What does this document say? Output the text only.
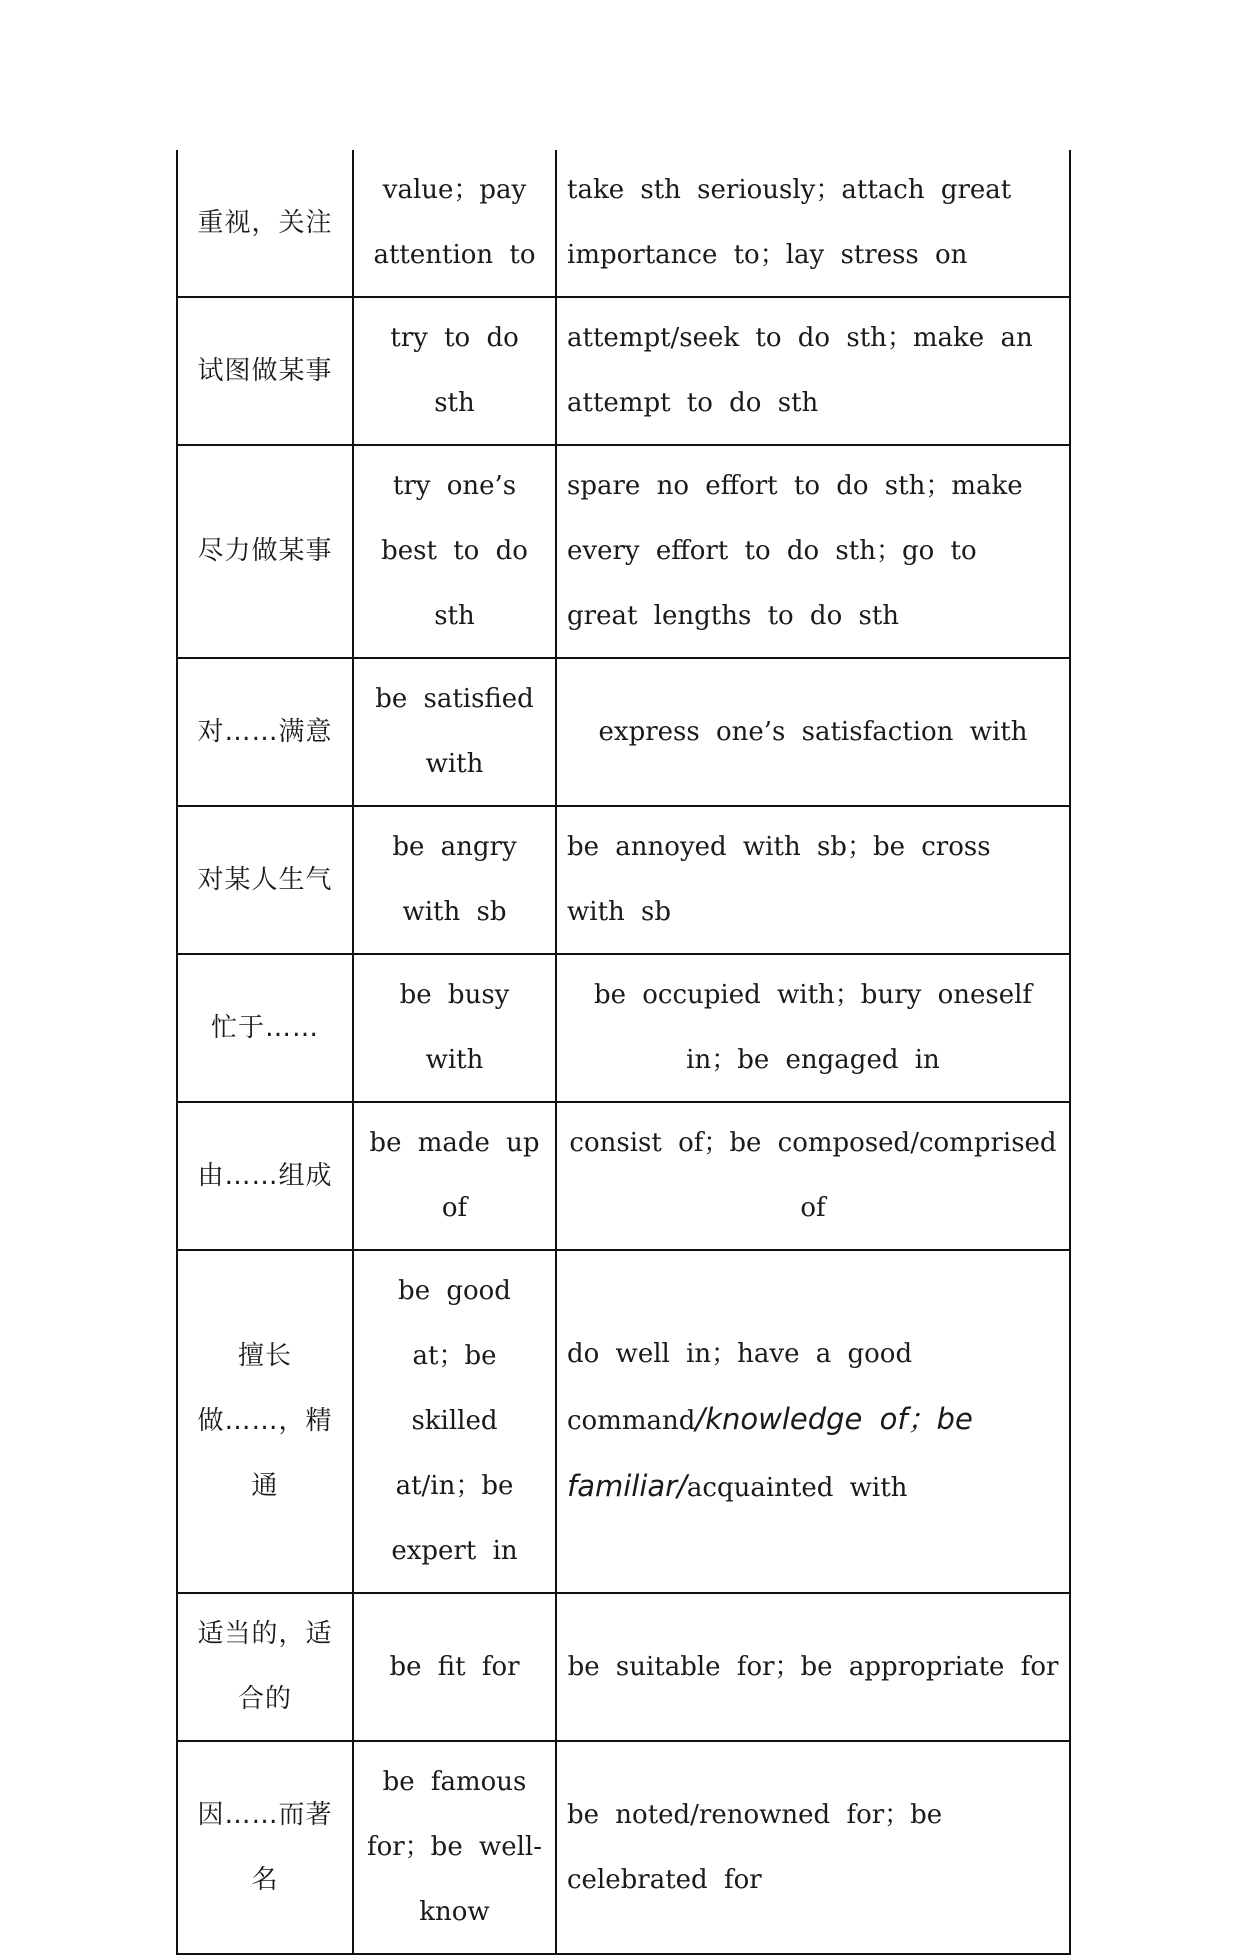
重视，关注	value；pay attention to	take sth seriously；attach great importance to；lay stress on
试图做某事	try to do sth	attempt/seek to do sth；make an attempt to do sth
尽力做某事	try one’s best to do sth	spare no effort to do sth；make every effort to do sth；go to great lengths to do sth
对……满意	be satisfied with	express one’s satisfaction with
对某人生气	be angry with sb	be annoyed with sb；be cross with sb
忙于……	be busy with	be occupied with；bury oneself in；be engaged in
由……组成	be made up of	consist of；be composed/comprised of
擅长做……，精通	be good at；be skilled at/in；be expert in	do well in；have a good command/knowledge of；be familiar/acquainted with
适当的，适合的	be fit for	be suitable for；be appropriate for
因……而著名	be famous for；be well-know	be noted/renowned for；be celebrated for
